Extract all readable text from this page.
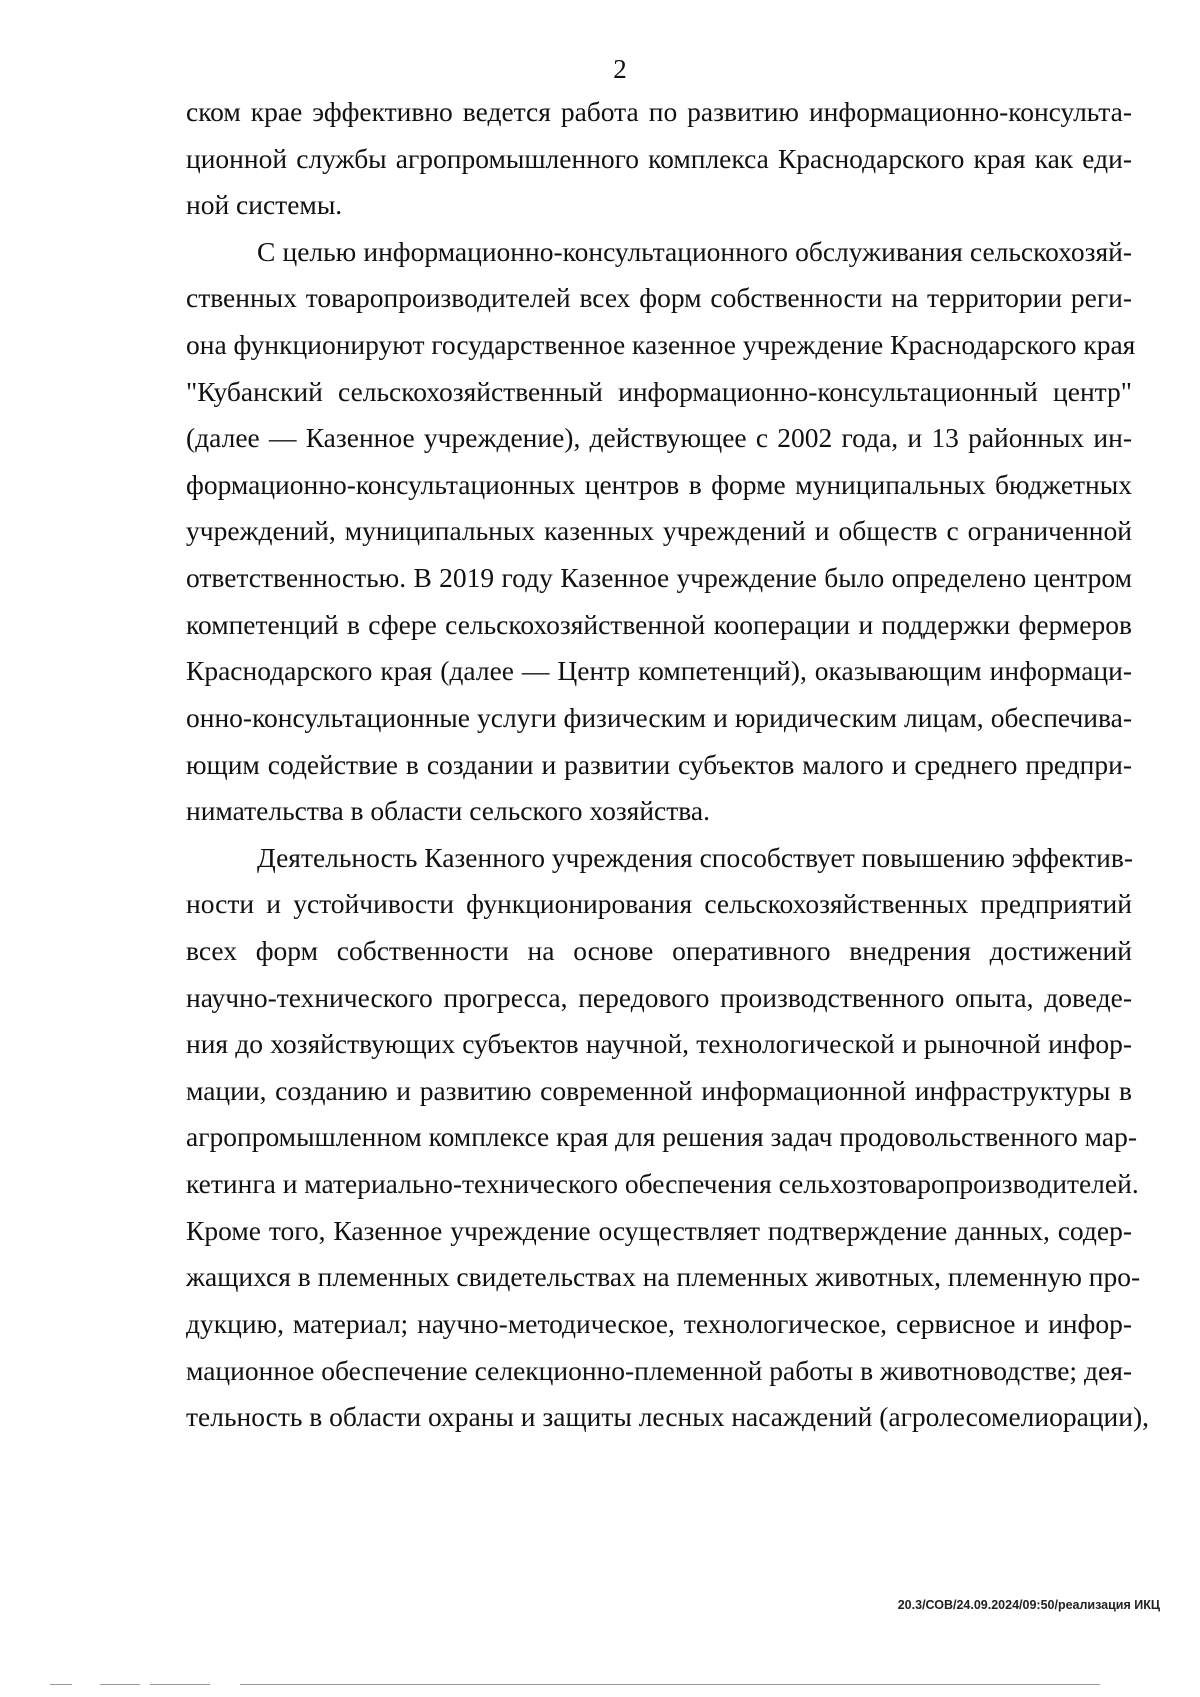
2
ском крае эффективно ведется работа по развитию информационно-консульта-
ционной службы агропромышленного комплекса Краснодарского края как еди-
ной системы.
С целью информационно-консультационного обслуживания сельскохозяй-
ственных товаропроизводителей всех форм собственности на территории реги-
она функционируют государственное казенное учреждение Краснодарского края
"Кубанский сельскохозяйственный информационно-консультационный центр"
(далее — Казенное учреждение), действующее с 2002 года, и 13 районных ин-
формационно-консультационных центров в форме муниципальных бюджетных
учреждений, муниципальных казенных учреждений и обществ с ограниченной
ответственностью. В 2019 году Казенное учреждение было определено центром
компетенций в сфере сельскохозяйственной кооперации и поддержки фермеров
Краснодарского края (далее — Центр компетенций), оказывающим информаци-
онно-консультационные услуги физическим и юридическим лицам, обеспечива-
ющим содействие в создании и развитии субъектов малого и среднего предпри-
нимательства в области сельского хозяйства.
Деятельность Казенного учреждения способствует повышению эффектив-
ности и устойчивости функционирования сельскохозяйственных предприятий
всех форм собственности на основе оперативного внедрения достижений
научно-технического прогресса, передового производственного опыта, доведе-
ния до хозяйствующих субъектов научной, технологической и рыночной инфор-
мации, созданию и развитию современной информационной инфраструктуры в
агропромышленном комплексе края для решения задач продовольственного мар-
кетинга и материально-технического обеспечения сельхозтоваропроизводителей.
Кроме того, Казенное учреждение осуществляет подтверждение данных, содер-
жащихся в племенных свидетельствах на племенных животных, племенную про-
дукцию, материал; научно-методическое, технологическое, сервисное и инфор-
мационное обеспечение селекционно-племенной работы в животноводстве; дея-
тельность в области охраны и защиты лесных насаждений (агролесомелиорации),
20.3/СОВ/24.09.2024/09:50/реализация ИКЦ
